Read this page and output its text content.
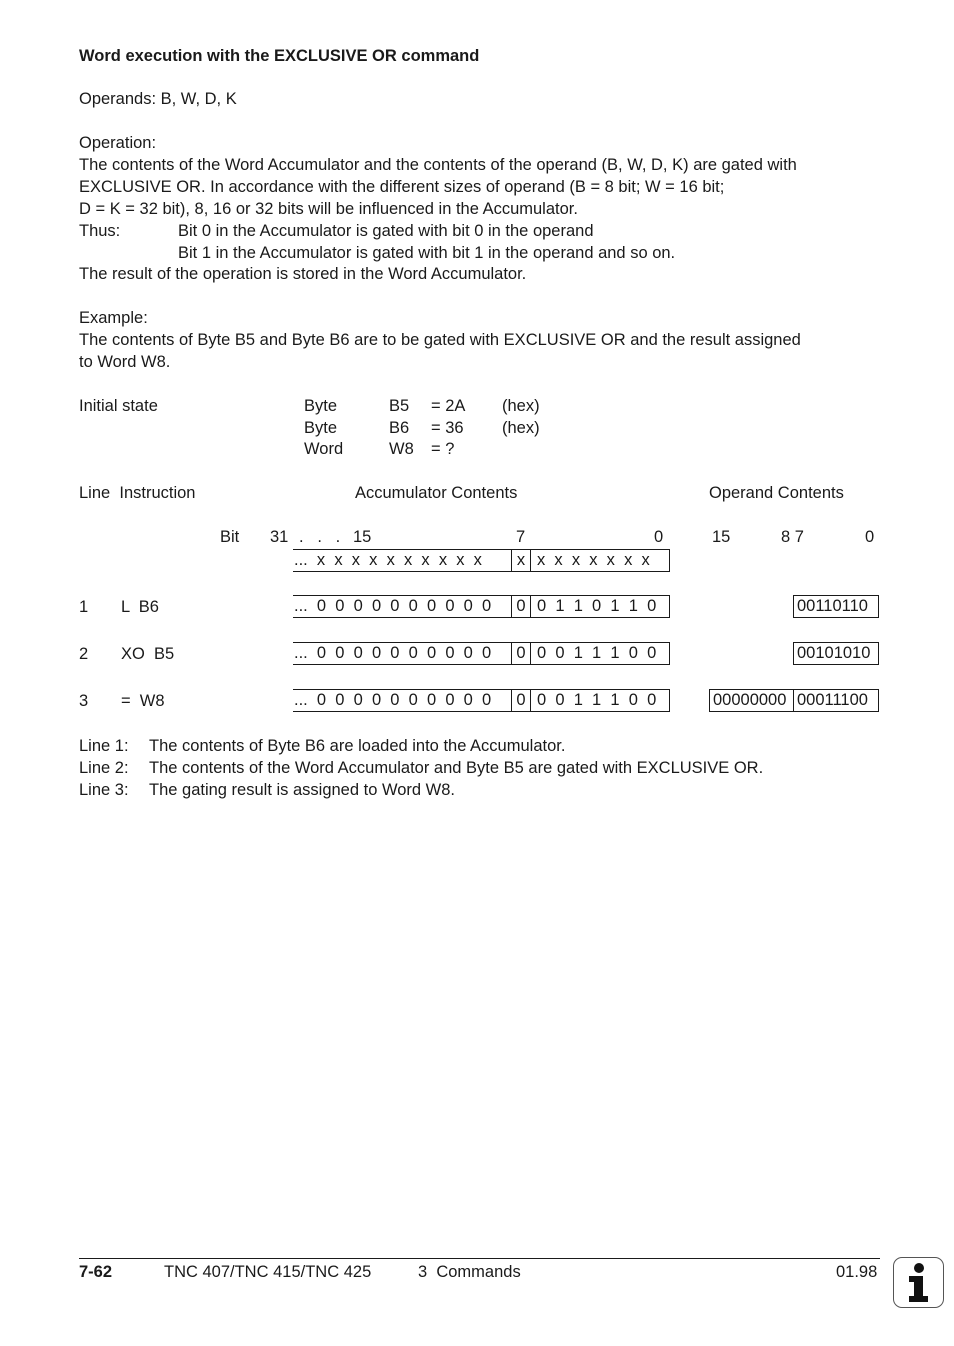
Word execution with the EXCLUSIVE OR command
Operands: B, W, D, K
Operation:
The contents of the Word Accumulator and the contents of the operand (B, W, D, K) are gated with
EXCLUSIVE OR. In accordance with the different sizes of operand (B = 8 bit; W = 16 bit;
D = K = 32 bit), 8, 16 or 32 bits will be influenced in the Accumulator.
Thus:	Bit 0 in the Accumulator is gated with bit 0 in the operand
Bit 1 in the Accumulator is gated with bit 1 in the operand and so on.
The result of the operation is stored in the Word Accumulator.
Example:
The contents of Byte B5 and Byte B6 are to be gated with EXCLUSIVE OR and the result assigned
to Word W8.
Initial state	Byte	B5 = 2A (hex)
Byte	B6 = 36 (hex)
Word	W8 = ?
Line  Instruction	Accumulator Contents	Operand Contents
Bit 31 .   .   . 15	7	0	15	8 7	0
...  x  x  x  x  x  x  x  x  x  x	x x  x  x  x  x  x  x
1 L  B6	...  0  0  0  0  0  0  0  0  0  0	0 0  1  1  0  1  1  0	00110110
2 XO  B5	...  0  0  0  0  0  0  0  0  0  0	0 0  0  1  1  1  0  0	00101010
3 =  W8	...  0  0  0  0  0  0  0  0  0  0	0 0  0  1  1  1  0  0	00000000 00011100
Line 1: The contents of Byte B6 are loaded into the Accumulator.
Line 2: The contents of the Word Accumulator and Byte B5 are gated with EXCLUSIVE OR.
Line 3: The gating result is assigned to Word W8.
7-62	TNC 407/TNC 415/TNC 425	3  Commands	01.98
